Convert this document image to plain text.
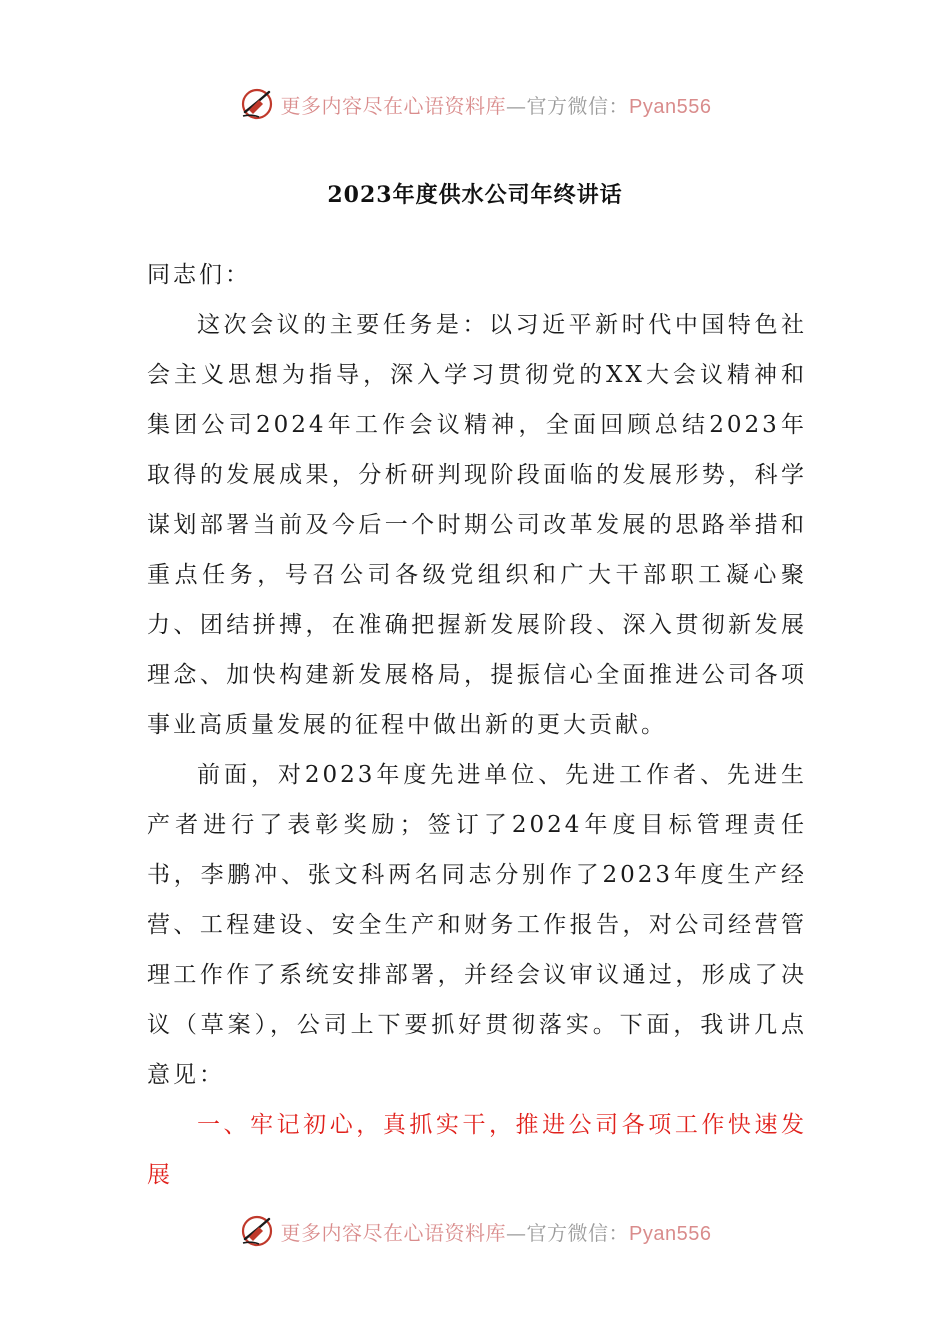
更多内容尽在心语资料库—官方微信：Pyan556
2023年度供水公司年终讲话

同志们：

这次会议的主要任务是：以习近平新时代中国特色社会主义思想为指导，深入学习贯彻党的XX大会议精神和集团公司2024年工作会议精神，全面回顾总结2023年取得的发展成果，分析研判现阶段面临的发展形势，科学谋划部署当前及今后一个时期公司改革发展的思路举措和重点任务，号召公司各级党组织和广大干部职工凝心聚力、团结拼搏，在准确把握新发展阶段、深入贯彻新发展理念、加快构建新发展格局，提振信心全面推进公司各项事业高质量发展的征程中做出新的更大贡献。

前面，对2023年度先进单位、先进工作者、先进生产者进行了表彰奖励；签订了2024年度目标管理责任书，李鹏冲、张文科两名同志分别作了2023年度生产经营、工程建设、安全生产和财务工作报告，对公司经营管理工作作了系统安排部署，并经会议审议通过，形成了决议（草案），公司上下要抓好贯彻落实。下面，我讲几点意见：

一、牢记初心，真抓实干，推进公司各项工作快速发展

更多内容尽在心语资料库—官方微信：Pyan556
